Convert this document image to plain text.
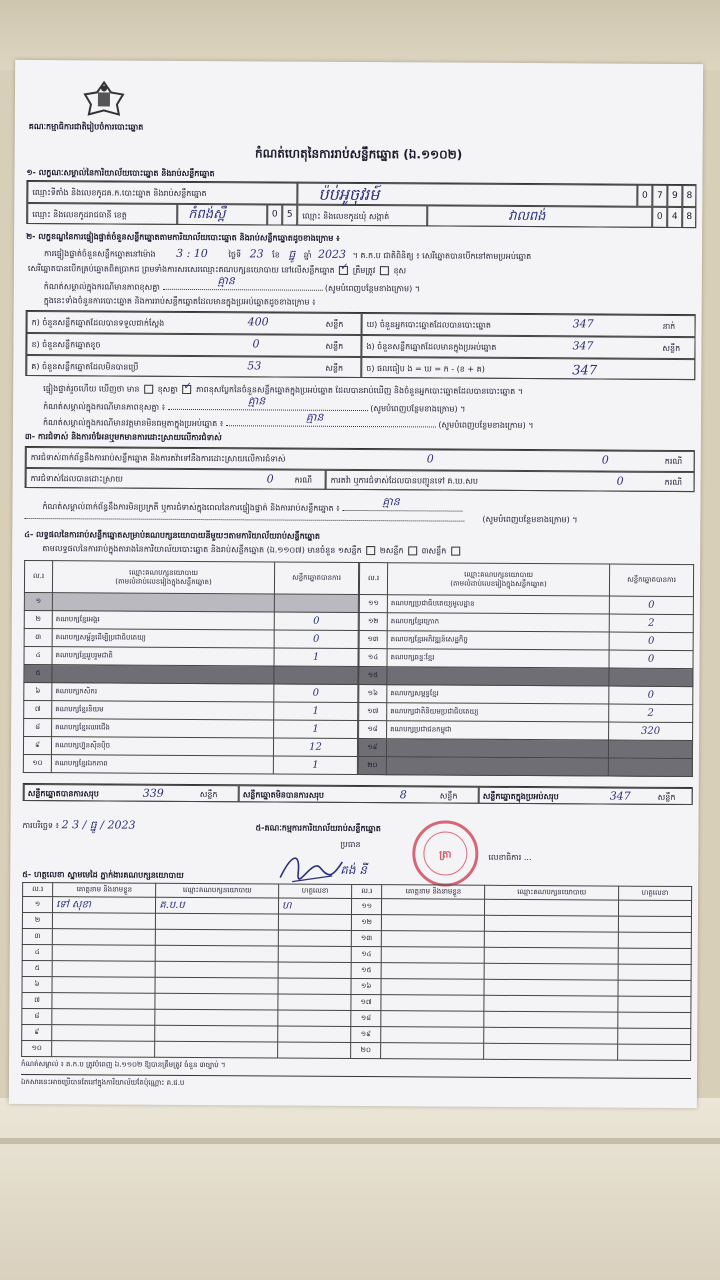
គណៈកម្មាធិការជាតិរៀបចំការបោះឆ្នោត
កំណត់ហេតុនៃការរាប់សន្លឹកឆ្នោត (ឯ.១១០២)
១- លក្ខណៈសម្គាល់នៃការិយាល័យបោះឆ្នោត និងរាប់សន្លឹកឆ្នោត
ឈ្មោះទីតាំង និងលេខកូដគ.ក.បោះឆ្នោត និងរាប់សន្លឹកឆ្នោត	ប៉ប់អូចុវរម៍	0	7	9 8
ឈ្មោះ និងលេខកូដរាជធានី ខេត្ត	កំពង់ស្ពឺ	0	5	ឈ្មោះ និងលេខកូដឃុំ សង្កាត់	វាលពង់	0	4 8
២- លក្ខខណ្ឌនៃការផ្ទៀងផ្ទាត់ចំនួនសន្លឹកឆ្នោតតាមការិយាល័យបោះឆ្នោត និងរាប់សន្លឹកឆ្នោតដូចខាងក្រោម ៖
ការផ្ទៀងផ្ទាត់ចំនួនសន្លឹកឆ្នោតនៅម៉ោង 3 : 10	ថ្ងៃទី 23 ខែ ធ្នូ ឆ្នាំ 2023 ។ គ.ក.ប ជាតិពិនិត្យ ៖ សេរីឆ្នោតបានបើកនៅតាមប្រអប់ឆ្នោត
សេរីឆ្នោតបានបើកគ្រប់ឆ្នោតពិតប្រាកដ ព្រមទាំងការសរសេរឈ្មោះគណបក្សនយោបាយ នៅលើសន្លឹកឆ្នោត ✓ ត្រឹមត្រូវ ខុស
កំណត់សម្គាល់ក្នុងករណីមានភាពខុសគ្នា	គ្មាន
(សូមបំពេញបន្ថែមខាងក្រោម) ។
ក្នុងនេះទាំងចំនួនការបោះឆ្នោត និងការរាប់សន្លឹកឆ្នោតដែលមានក្នុងប្រអប់ឆ្នោតដូចខាងក្រោម ៖
ក) ចំនួនសន្លឹកឆ្នោតដែលបានទទួលជាក់ស្តែង	400	សន្លឹក
ខ) ចំនួនសន្លឹកឆ្នោតខូច	0	សន្លឹក
គ) ចំនួនសន្លឹកឆ្នោតដែលមិនបានប្រើ	53	សន្លឹក
ឃ) ចំនួនអ្នកបោះឆ្នោតដែលបានបោះឆ្នោត	347	នាក់
ង) ចំនួនសន្លឹកឆ្នោតដែលមានក្នុងប្រអប់ឆ្នោត	347	សន្លឹក
ច) ផលធៀប ង = ឃ = ក - (ខ + គ)	347
ផ្ទៀងផ្ទាត់រួចហើយ ឃើញថា មាន ខុសគ្នា ✓ ភាពខុសប្លែកនៃចំនួនសន្លឹកឆ្នោតក្នុងប្រអប់ឆ្នោត ដែលបានរាប់ឃើញ និងចំនួនអ្នកបោះឆ្នោតដែលបានបោះឆ្នោត ។
កំណត់សម្គាល់ក្នុងករណីមានភាពខុសគ្នា ៖	គ្មាន
(សូមបំពេញបន្ថែមខាងក្រោម) ។
កំណត់សម្គាល់ក្នុងករណីមានវត្តមានមិនធម្មតាក្នុងប្រអប់ឆ្នោត ៖	គ្មាន
(សូមបំពេញបន្ថែមខាងក្រោម) ។
៣- ការជំទាស់ និងការចំអែនឬមកមានការដោះស្រាយលើការជំទាស់
ការជំទាស់ពាក់ព័ន្ធនឹងការរាប់សន្លឹកឆ្នោត និងការតវ៉ាទៅនឹងការដោះស្រាយលើការជំទាស់	0	0	ករណី
ការជំទាស់ដែលបានដោះស្រាយ	0	ករណី ការតវ៉ា ឬការជំទាស់ដែលបានបញ្ជូនទៅ គ.ឃ.សប	0	ករណី
កំណត់សម្គាល់ពាក់ព័ន្ធនឹងការមិនប្រក្រតី ឬការជំទាស់ក្នុងពេលនៃការផ្ទៀងផ្ទាត់ និងការរាប់សន្លឹកឆ្នោត ៖	គ្មាន
(សូមបំពេញបន្ថែមខាងក្រោម) ។
៤- លទ្ធផលនៃការរាប់សន្លឹកឆ្នោតសម្រាប់គណបក្សនយោបាយនីមួយៗតាមការិយាល័យរាប់សន្លឹកឆ្នោត
តាមលទ្ធផលនៃការរាប់ក្នុងតារាងនៃការិយាល័យបោះឆ្នោត និងរាប់សន្លឹកឆ្នោត (ឯ.១១០៧) មានចំនួន ១សន្លឹក ២សន្លឹក ៣សន្លឹក
ល.រ	ឈ្មោះគណបក្សនយោបាយ
(តាមលំដាប់លេខរៀងក្នុងសន្លឹកឆ្នោត)	សន្លឹកឆ្នោតបានការ
១		
២	គណបក្សខ្មែរអង្គរ	0
៣	គណបក្សសម្ព័ន្ធដើម្បីប្រជាធិបតេយ្យ	0
៤	គណបក្សខ្មែររួបរួមជាតិ	1
៥		
៦	គណបក្សកសិករ	0
៧	គណបក្សខ្មែរនិយម	1
៨	គណបក្សខ្មែរឈរជើង	1
៩	គណបក្សហ្វ៊ុនស៊ិនប៉ិច	12
១០	គណបក្សខ្មែរឯកភាព	1
ល.រ	ឈ្មោះគណបក្សនយោបាយ
(តាមលំដាប់លេខរៀងក្នុងសន្លឹកឆ្នោត)	សន្លឹកឆ្នោតបានការ
១១	គណបក្សប្រជាធិបតេយ្យមូលដ្ឋាន	0
១២	គណបក្សខ្មែរក្រោក	2
១៣	គណបក្សខ្មែរអភិវឌ្ឍន៍សេដ្ឋកិច្ច	0
១៤	គណបក្សឆន្ទៈខ្មែរ	0
១៥		
១៦	គណបក្សសម្ពន្ធខ្មែរ	0
១៧	គណបក្សជាតិនិយមប្រជាធិបតេយ្យ	2
១៨	គណបក្សប្រជាជនកម្ពុជា	320
១៩		
២០		
សន្លឹកឆ្នោតបានការសរុប	339	សន្លឹក	សន្លឹកឆ្នោតមិនបានការសរុប	8	សន្លឹក	សន្លឹកឆ្នោតក្នុងប្រអប់សរុប	347	សន្លឹក
ការបរិច្ឆេទ ៖ 2 3 / ធ្នូ / 2023	៥-គណៈកម្មការការិយាល័យរាប់សន្លឹកឆ្នោត
ប្រធាន
គង់ នី
ត្រា	លេខាធិការ ...
៥- ហត្ថលេខា ស្នាមមេដៃ ភ្នាក់ងារគណបក្សនយោបាយ
ល.រ	គោត្តនាម និងនាមខ្លួន	ឈ្មោះគណបក្សនយោបាយ	ហត្ថលេខា	ល.រ	គោត្តនាម និងនាមខ្លួន	ឈ្មោះគណបក្សនយោបាយ	ហត្ថលេខា
១	ទៅ សុខា	គ.ប.ប	ហ	១១			
២				១២			
៣				១៣			
៤				១៤			
៥				១៥			
៦				១៦			
៧				១៧			
៨				១៨			
៩				១៩			
១០				២០			
កំណត់សម្គាល់ ៖ គ.ក.ប ត្រូវបំពេញ ឯ.១១០២ ឱ្យបានត្រឹមត្រូវ ចំនួន ៣ច្បាប់ ។
ឯកសារនេះអាចប្រើបានតែនៅក្នុងការិយាល័យតែប៉ុណ្ណោះ គ.ជ.ប
